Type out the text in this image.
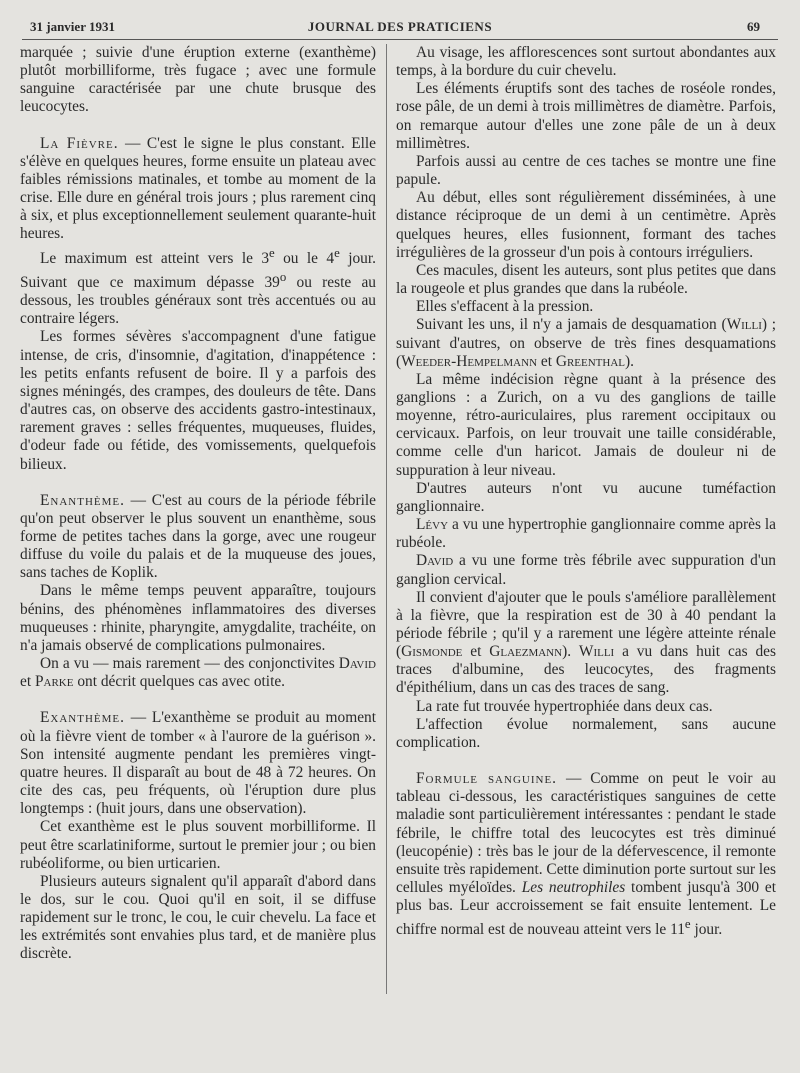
31 janvier 1931	JOURNAL DES PRATICIENS	69

marquée ; suivie d'une éruption externe (exanthème) plutôt morbilliforme, très fugace ; avec une formule sanguine caractérisée par une chute brusque des leucocytes.

La Fièvre. — C'est le signe le plus constant. Elle s'élève en quelques heures, forme ensuite un plateau avec faibles rémissions matinales, et tombe au moment de la crise. Elle dure en général trois jours ; plus rarement cinq à six, et plus exceptionnellement seulement quarante-huit heures.

Le maximum est atteint vers le 3e ou le 4e jour. Suivant que ce maximum dépasse 39$^o$ ou reste au dessous, les troubles généraux sont très accentués ou au contraire légers.

Les formes sévères s'accompagnent d'une fatigue intense, de cris, d'insomnie, d'agitation, d'inappétence : les petits enfants refusent de boire. Il y a parfois des signes méningés, des crampes, des douleurs de tête. Dans d'autres cas, on observe des accidents gastro-intestinaux, rarement graves : selles fréquentes, muqueuses, fluides, d'odeur fade ou fétide, des vomissements, quelquefois bilieux.

Enanthème. — C'est au cours de la période fébrile qu'on peut observer le plus souvent un enanthème, sous forme de petites taches dans la gorge, avec une rougeur diffuse du voile du palais et de la muqueuse des joues, sans taches de Koplik.

Dans le même temps peuvent apparaître, toujours bénins, des phénomènes inflammatoires des diverses muqueuses : rhinite, pharyngite, amygdalite, trachéite, on n'a jamais observé de complications pulmonaires.

On a vu — mais rarement — des conjonctivites David et Parke ont décrit quelques cas avec otite.

Exanthème. — L'exanthème se produit au moment où la fièvre vient de tomber « à l'aurore de la guérison ». Son intensité augmente pendant les premières vingt-quatre heures. Il disparaît au bout de 48 à 72 heures. On cite des cas, peu fréquents, où l'éruption dure plus longtemps : (huit jours, dans une observation).

Cet exanthème est le plus souvent morbilliforme. Il peut être scarlatiniforme, surtout le premier jour ; ou bien rubéoliforme, ou bien urticarien.

Plusieurs auteurs signalent qu'il apparaît d'abord dans le dos, sur le cou. Quoi qu'il en soit, il se diffuse rapidement sur le tronc, le cou, le cuir chevelu. La face et les extrémités sont envahies plus tard, et de manière plus discrète.

Au visage, les afflorescences sont surtout abondantes aux temps, à la bordure du cuir chevelu.

Les éléments éruptifs sont des taches de roséole rondes, rose pâle, de un demi à trois millimètres de diamètre. Parfois, on remarque autour d'elles une zone pâle de un à deux millimètres.

Parfois aussi au centre de ces taches se montre une fine papule.

Au début, elles sont régulièrement disséminées, à une distance réciproque de un demi à un centimètre. Après quelques heures, elles fusionnent, formant des taches irrégulières de la grosseur d'un pois à contours irréguliers.

Ces macules, disent les auteurs, sont plus petites que dans la rougeole et plus grandes que dans la rubéole.

Elles s'effacent à la pression.

Suivant les uns, il n'y a jamais de desquamation (Willi) ; suivant d'autres, on observe de très fines desquamations (Weeder-Hempelmann et Greenthal).

La même indécision règne quant à la présence des ganglions : a Zurich, on a vu des ganglions de taille moyenne, rétro-auriculaires, plus rarement occipitaux ou cervicaux. Parfois, on leur trouvait une taille considérable, comme celle d'un haricot. Jamais de douleur ni de suppuration à leur niveau.

D'autres auteurs n'ont vu aucune tuméfaction ganglionnaire.

Lévy a vu une hypertrophie ganglionnaire comme après la rubéole.

David a vu une forme très fébrile avec suppuration d'un ganglion cervical.

Il convient d'ajouter que le pouls s'améliore parallèlement à la fièvre, que la respiration est de 30 à 40 pendant la période fébrile ; qu'il y a rarement une légère atteinte rénale (Gismonde et Glaezmann). Willi a vu dans huit cas des traces d'albumine, des leucocytes, des fragments d'épithélium, dans un cas des traces de sang.

La rate fut trouvée hypertrophiée dans deux cas.

L'affection évolue normalement, sans aucune complication.

Formule sanguine. — Comme on peut le voir au tableau ci-dessous, les caractéristiques sanguines de cette maladie sont particulièrement intéressantes : pendant le stade fébrile, le chiffre total des leucocytes est très diminué (leucopénie) : très bas le jour de la défervescence, il remonte ensuite très rapidement. Cette diminution porte surtout sur les cellules myéloïdes. Les neutrophiles tombent jusqu'à 300 et plus bas. Leur accroissement se fait ensuite lentement. Le chiffre normal est de nouveau atteint vers le 11e jour.
